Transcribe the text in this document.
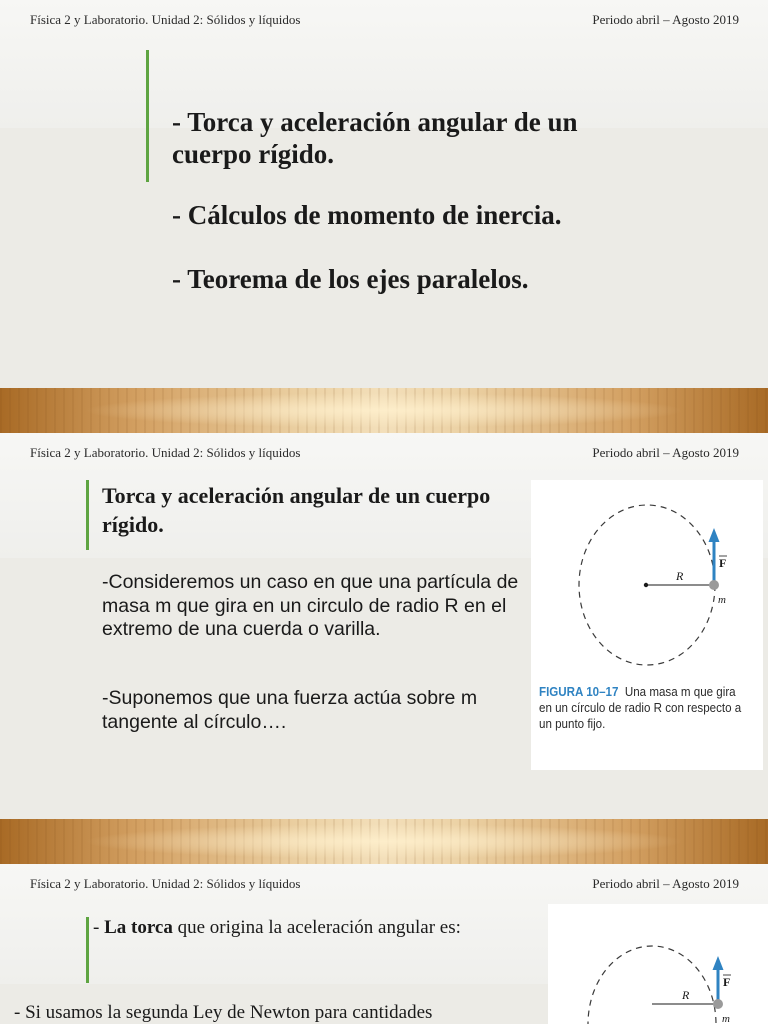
Física 2 y Laboratorio. Unidad 2: Sólidos y líquidos	Periodo abril – Agosto 2019
- Torca y aceleración angular de un cuerpo rígido.
- Cálculos de momento de inercia.
- Teorema de los ejes paralelos.
Física 2 y Laboratorio. Unidad 2: Sólidos y líquidos	Periodo abril – Agosto 2019
Torca y aceleración angular de un cuerpo rígido.
-Consideremos un caso en que una partícula de masa m que gira en un circulo de radio R en el extremo de una cuerda o varilla.
-Suponemos que una fuerza actúa sobre m tangente al círculo….
R
F
m
FIGURA 10–17 Una masa m que gira en un círculo de radio R con respecto a un punto fijo.
Física 2 y Laboratorio. Unidad 2: Sólidos y líquidos	Periodo abril – Agosto 2019
- La torca que origina la aceleración angular es:
- Si usamos la segunda Ley de Newton para cantidades
R
F
m
